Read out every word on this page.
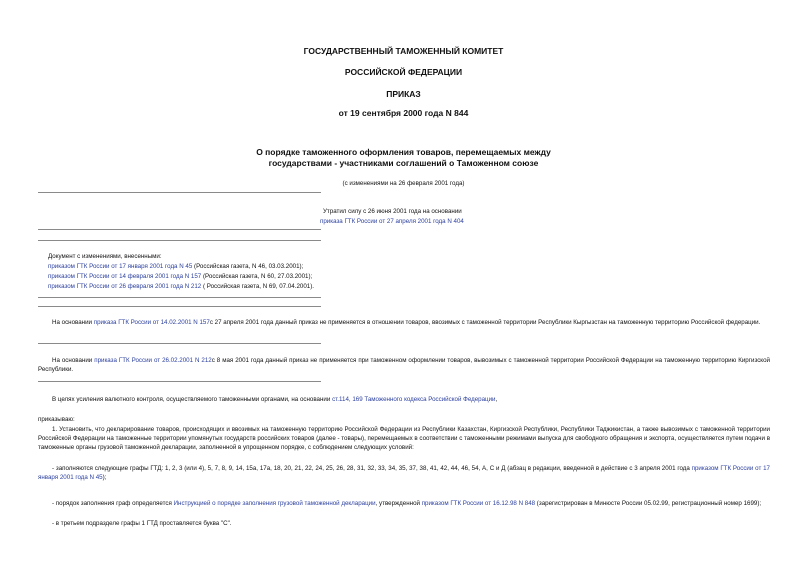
ГОСУДАРСТВЕННЫЙ ТАМОЖЕННЫЙ КОМИТЕТ
РОССИЙСКОЙ ФЕДЕРАЦИИ
ПРИКАЗ
от 19 сентября 2000 года N 844
О порядке таможенного оформления товаров, перемещаемых между
государствами - участниками соглашений о Таможенном союзе
(с изменениями на 26 февраля 2001 года)
Утратил силу с 26 июня 2001 года на основании
приказа ГТК России от 27 апреля 2001 года N 404
Документ с изменениями, внесенными:
приказом ГТК России от 17 января 2001 года N 45 (Российская газета, N 46, 03.03.2001);
приказом ГТК России от 14 февраля 2001 года N 157 (Российская газета, N 60, 27.03.2001);
приказом ГТК России от 26 февраля 2001 года N 212 ( Российская газета, N 69, 07.04.2001).
На основании приказа ГТК России от 14.02.2001 N 157с 27 апреля 2001 года данный приказ не применяется в отношении товаров, ввозимых с таможенной территории Республики Кыргызстан на таможенную территорию Российской федерации.
На основании приказа ГТК России от 26.02.2001 N 212с 8 мая 2001 года данный приказ не применяется при таможенном оформлении товаров, вывозимых с таможенной территории Российской Федерации на таможенную территорию Киргизской Республики.
В целях усиления валютного контроля, осуществляемого таможенными органами, на основании ст.114, 169 Таможенного кодекса Российской Федерации,
приказываю:
1. Установить, что декларирование товаров, происходящих и ввозимых на таможенную территорию Российской Федерации из Республики Казахстан, Киргизской Республики, Республики Таджикистан, а также вывозимых с таможенной территории Российской Федерации на таможенные территории упомянутых государств российских товаров (далее - товары), перемещаемых в соответствии с таможенными режимами выпуска для свободного обращения и экспорта, осуществляется путем подачи в таможенные органы грузовой таможенной декларации, заполненной в упрощенном порядке, с соблюдением следующих условий:
- заполняются следующие графы ГТД: 1, 2, 3 (или 4), 5, 7, 8, 9, 14, 15а, 17а, 18, 20, 21, 22, 24, 25, 26, 28, 31, 32, 33, 34, 35, 37, 38, 41, 42, 44, 46, 54, А, С и Д (абзац в редакции, введенной в действие с 3 апреля 2001 года приказом ГТК России от 17 января 2001 года N 45);
- порядок заполнения граф определяется Инструкцией о порядке заполнения грузовой таможенной декларации, утвержденной приказом ГТК России от 16.12.98 N 848 (зарегистрирован в Минюсте России 05.02.99, регистрационный номер 1699);
- в третьем подразделе графы 1 ГТД проставляется буква "С".
